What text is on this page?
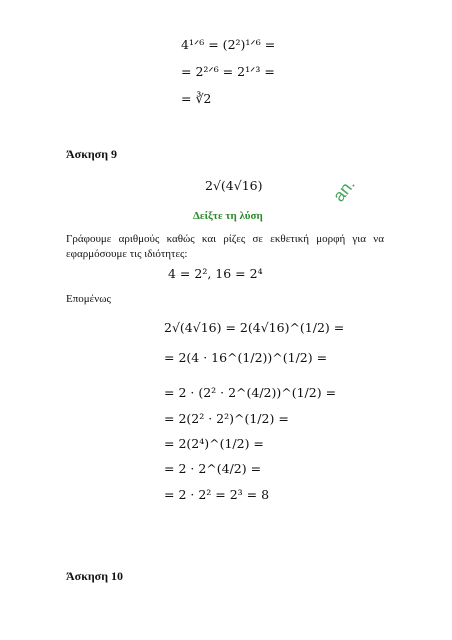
4¹ᐟ⁶ = (2²)¹ᐟ⁶ =
= 2²ᐟ⁶ = 2¹ᐟ³ =
= ∛2
Άσκηση 9
2√(4√16)	an.
Δείξτε τη λύση
Γράφουμε αριθμούς καθώς και ρίζες σε εκθετική μορφή για να εφαρμόσουμε τις ιδιότητες:
4 = 2², 16 = 2⁴
Επομένως
2√(4√16) = 2(4√16)^(1/2) =
= 2(4 · 16^(1/2))^(1/2) =
= 2 · (2² · 2^(4/2))^(1/2) =
= 2(2² · 2²)^(1/2) =
= 2(2⁴)^(1/2) =
= 2 · 2^(4/2) =
= 2 · 2² = 2³ = 8
Άσκηση 10
